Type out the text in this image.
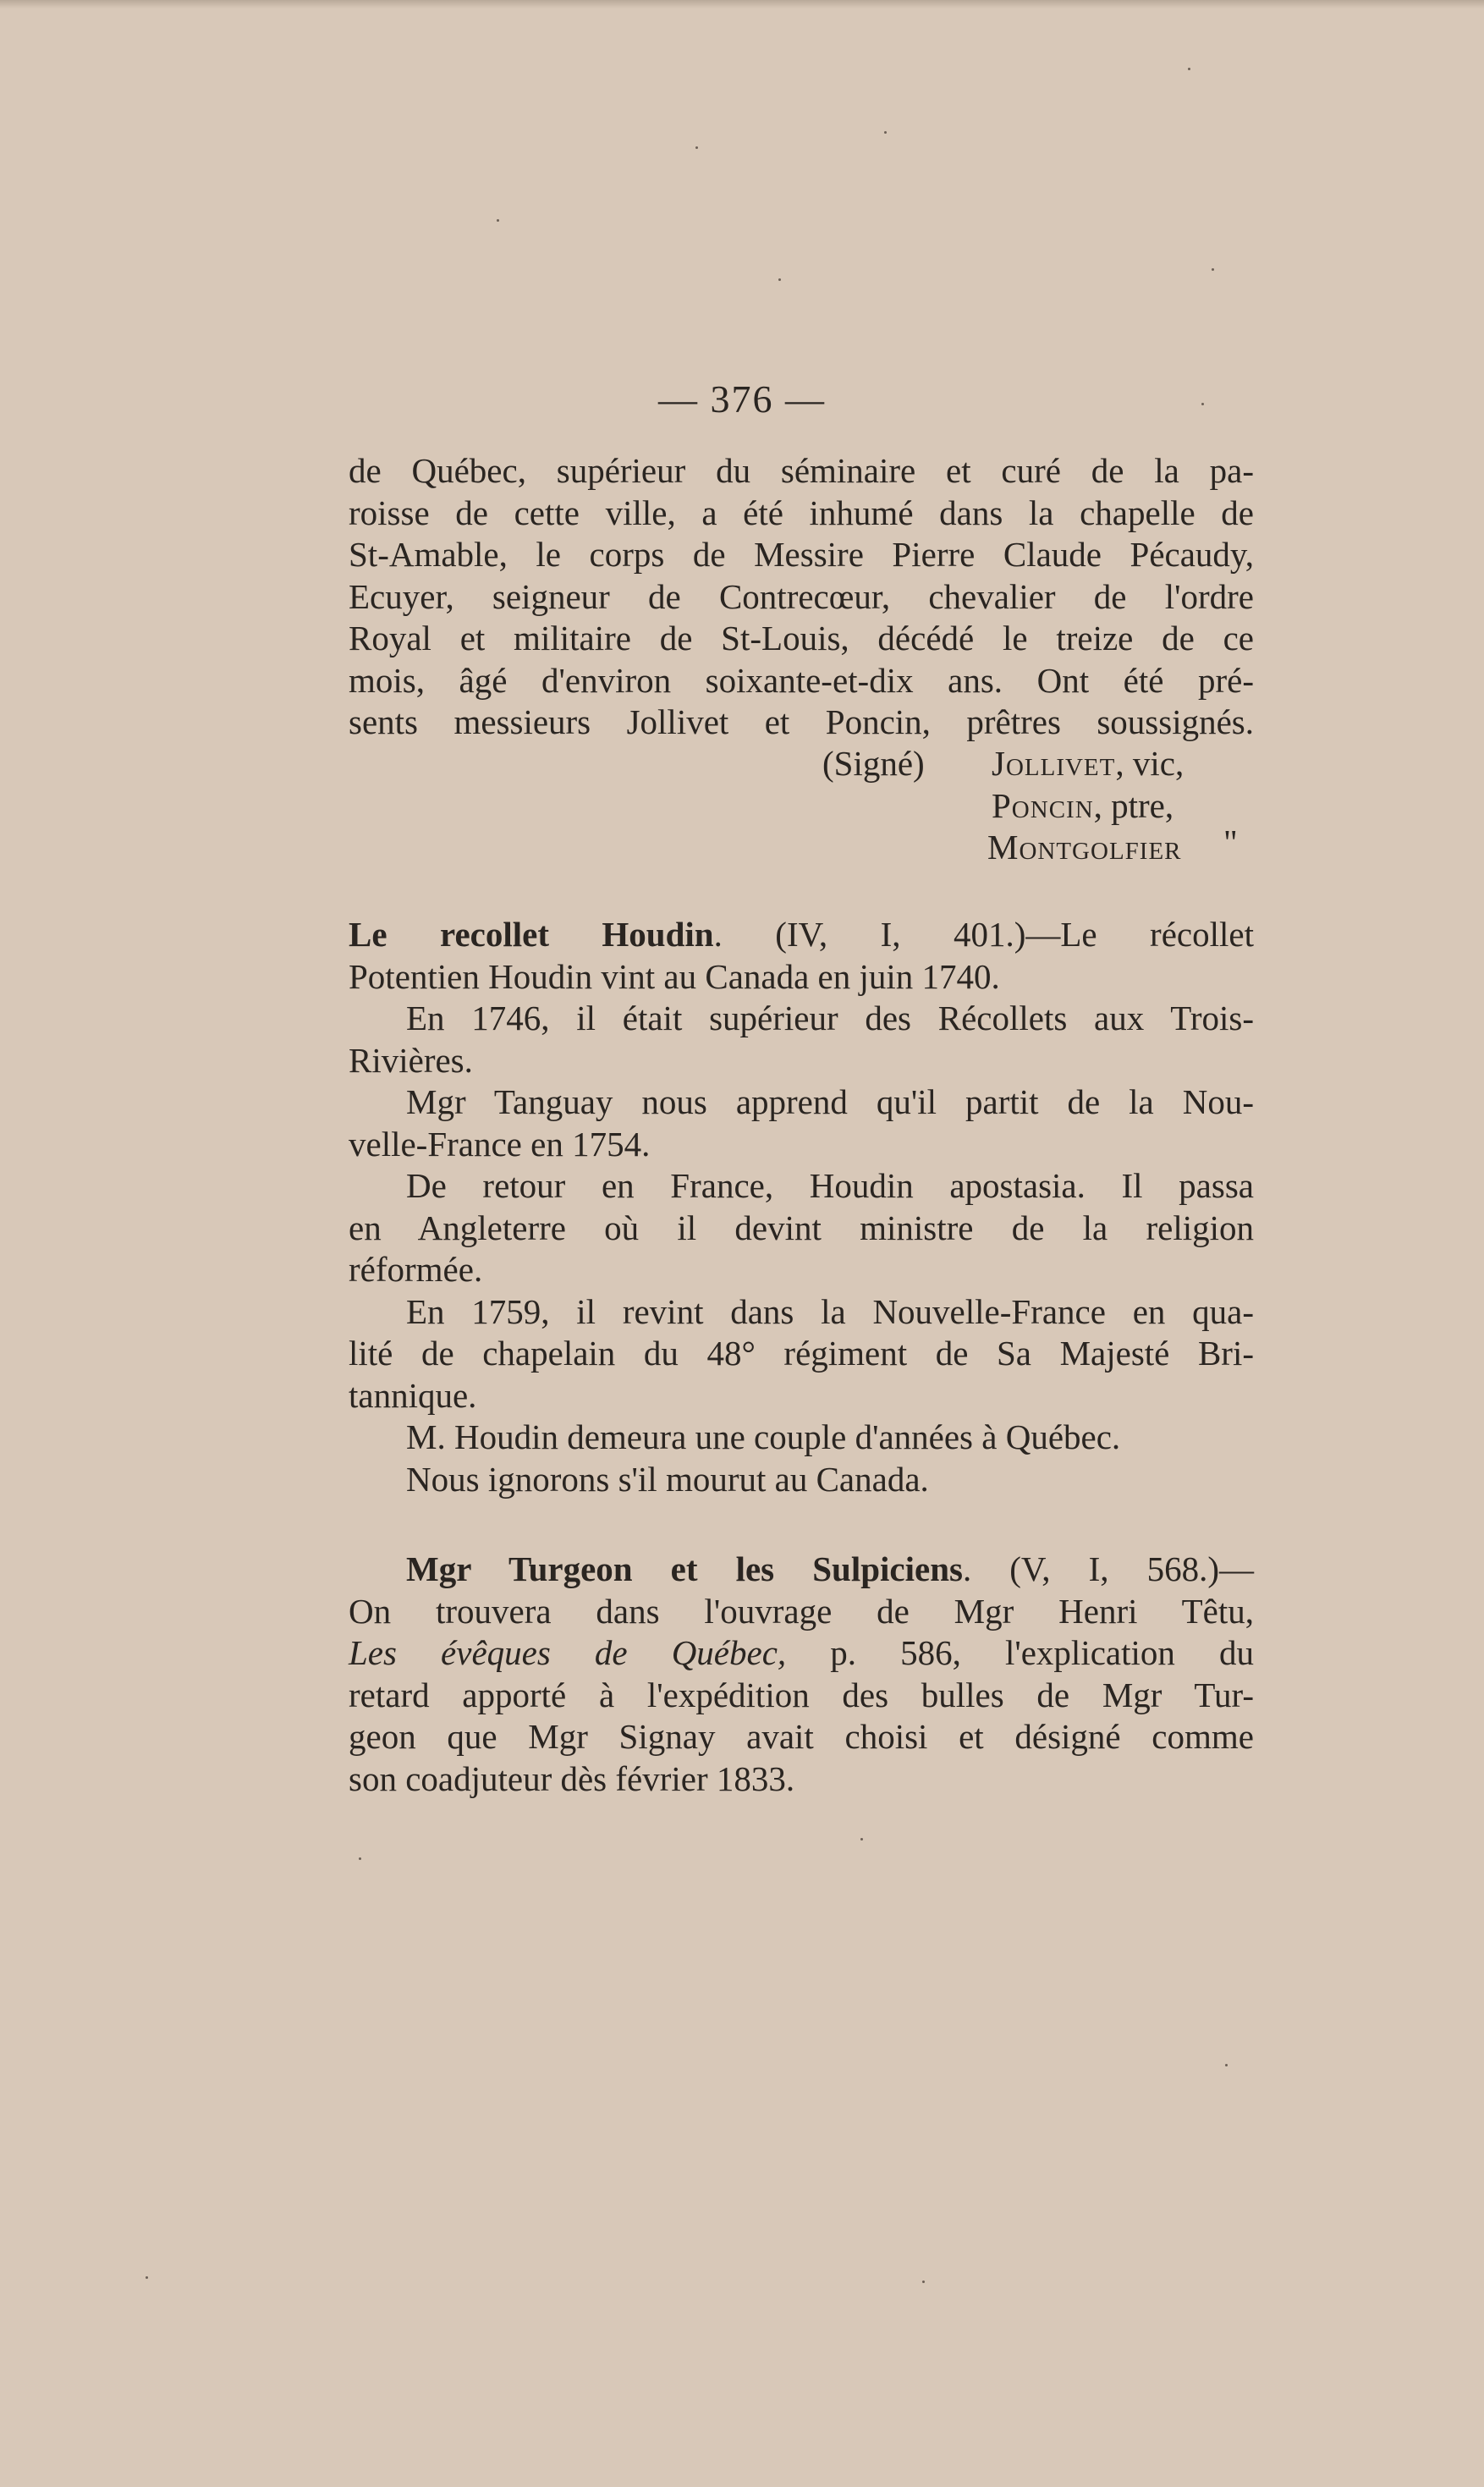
— 376 —
de Québec, supérieur du séminaire et curé de la pa-
roisse de cette ville, a été inhumé dans la chapelle de
St-Amable, le corps de Messire Pierre Claude Pécaudy,
Ecuyer, seigneur de Contrecœur, chevalier de l'ordre
Royal et militaire de St-Louis, décédé le treize de ce
mois, âgé d'environ soixante-et-dix ans. Ont été pré-
sents messieurs Jollivet et Poncin, prêtres soussignés.
(Signé) Jollivet, vic,
Poncin, ptre,
Montgolfier "
Le recollet Houdin. (IV, I, 401.)—Le récollet
Potentien Houdin vint au Canada en juin 1740.
En 1746, il était supérieur des Récollets aux Trois-
Rivières.
Mgr Tanguay nous apprend qu'il partit de la Nou-
velle-France en 1754.
De retour en France, Houdin apostasia. Il passa
en Angleterre où il devint ministre de la religion
réformée.
En 1759, il revint dans la Nouvelle-France en qua-
lité de chapelain du 48° régiment de Sa Majesté Bri-
tannique.
M. Houdin demeura une couple d'années à Québec.
Nous ignorons s'il mourut au Canada.
Mgr Turgeon et les Sulpiciens. (V, I, 568.)—
On trouvera dans l'ouvrage de Mgr Henri Têtu,
Les évêques de Québec, p. 586, l'explication du
retard apporté à l'expédition des bulles de Mgr Tur-
geon que Mgr Signay avait choisi et désigné comme
son coadjuteur dès février 1833.
